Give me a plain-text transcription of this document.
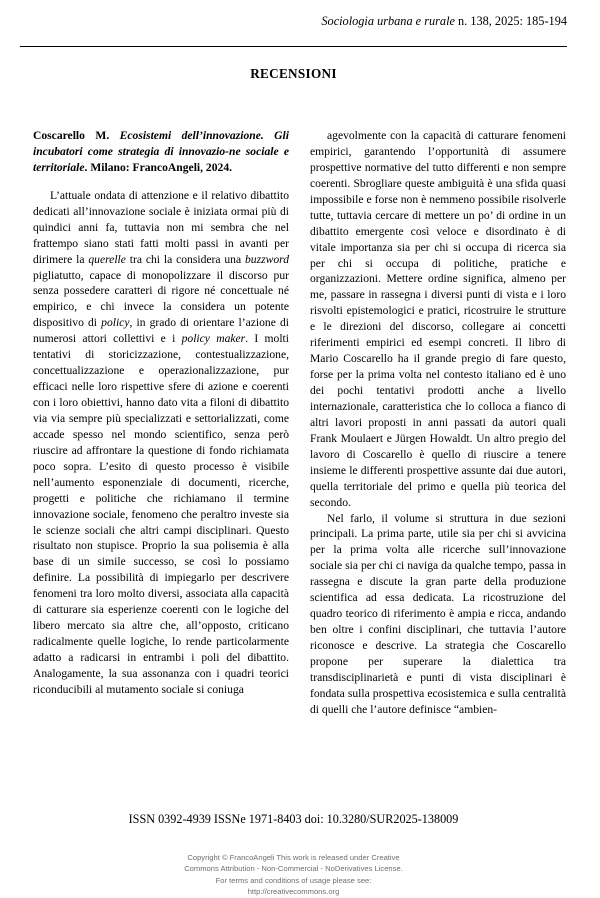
Sociologia urbana e rurale n. 138, 2025: 185-194
RECENSIONI

Coscarello M. Ecosistemi dell’innovazione. Gli incubatori come strategia di innovazio-ne sociale e territoriale. Milano: FrancoAngeli, 2024.

L’attuale ondata di attenzione e il relativo dibattito dedicati all’innovazione sociale è iniziata ormai più di quindici anni fa, tuttavia non mi sembra che nel frattempo siano stati fatti molti passi in avanti per dirimere la querelle tra chi la considera una buzzword pigliatutto, capace di monopolizzare il discorso pur senza possedere caratteri di rigore né concettuale né empirico, e chi invece la considera un potente dispositivo di policy, in grado di orientare l’azione di numerosi attori collettivi e i policy maker. I molti tentativi di storicizzazione, contestualizzazione, concettualizzazione e operazionalizzazione, pur efficaci nelle loro rispettive sfere di azione e coerenti con i loro obiettivi, hanno dato vita a filoni di dibattito via via sempre più specializzati e settorializzati, come accade spesso nel mondo scientifico, senza però riuscire ad affrontare la questione di fondo richiamata poco sopra. L’esito di questo processo è visibile nell’aumento esponenziale di documenti, ricerche, progetti e politiche che richiamano il termine innovazione sociale, fenomeno che peraltro investe sia le scienze sociali che altri campi disciplinari. Questo risultato non stupisce. Proprio la sua polisemia è alla base di un simile successo, se così lo possiamo definire. La possibilità di impiegarlo per descrivere fenomeni tra loro molto diversi, associata alla capacità di catturare sia esperienze coerenti con le logiche del libero mercato sia altre che, all’opposto, criticano radicalmente quelle logiche, lo rende particolarmente adatto a radicarsi in entrambi i poli del dibattito. Analogamente, la sua assonanza con i quadri teorici riconducibili al mutamento sociale si coniuga

agevolmente con la capacità di catturare fenomeni empirici, garantendo l’opportunità di assumere prospettive normative del tutto differenti e non sempre coerenti. Sbrogliare queste ambiguità è una sfida quasi impossibile e forse non è nemmeno possibile risolverle tutte, tuttavia cercare di mettere un po’ di ordine in un dibattito emergente così veloce e disordinato è di vitale importanza sia per chi si occupa di ricerca sia per chi si occupa di politiche, pratiche e organizzazioni. Mettere ordine significa, almeno per me, passare in rassegna i diversi punti di vista e i loro risvolti epistemologici e pratici, ricostruire le strutture e le direzioni del discorso, collegare ai concetti riferimenti empirici ed esempi concreti. Il libro di Mario Coscarello ha il grande pregio di fare questo, forse per la prima volta nel contesto italiano ed è uno dei pochi tentativi prodotti anche a livello internazionale, caratteristica che lo colloca a fianco di altri lavori proposti in anni passati da autori quali Frank Moulaert e Jürgen Howaldt. Un altro pregio del lavoro di Coscarello è quello di riuscire a tenere insieme le differenti prospettive assunte dai due autori, quella territoriale del primo e quella più teorica del secondo.

Nel farlo, il volume si struttura in due sezioni principali. La prima parte, utile sia per chi si avvicina per la prima volta alle ricerche sull’innovazione sociale sia per chi ci naviga da qualche tempo, passa in rassegna e discute la gran parte della produzione scientifica ad essa dedicata. La ricostruzione del quadro teorico di riferimento è ampia e ricca, andando ben oltre i confini disciplinari, che tuttavia l’autore riconosce e descrive. La strategia che Coscarello propone per superare la dialettica tra transdisciplinarietà e punti di vista disciplinari è fondata sulla prospettiva ecosistemica e sulla centralità di quelli che l’autore definisce “ambien-

ISSN 0392-4939 ISSNe 1971-8403 doi: 10.3280/SUR2025-138009
Copyright © FrancoAngeli This work is released under Creative
Commons Attribution - Non-Commercial - NoDerivatives License.
For terms and conditions of usage please see:
http://creativecommons.org
